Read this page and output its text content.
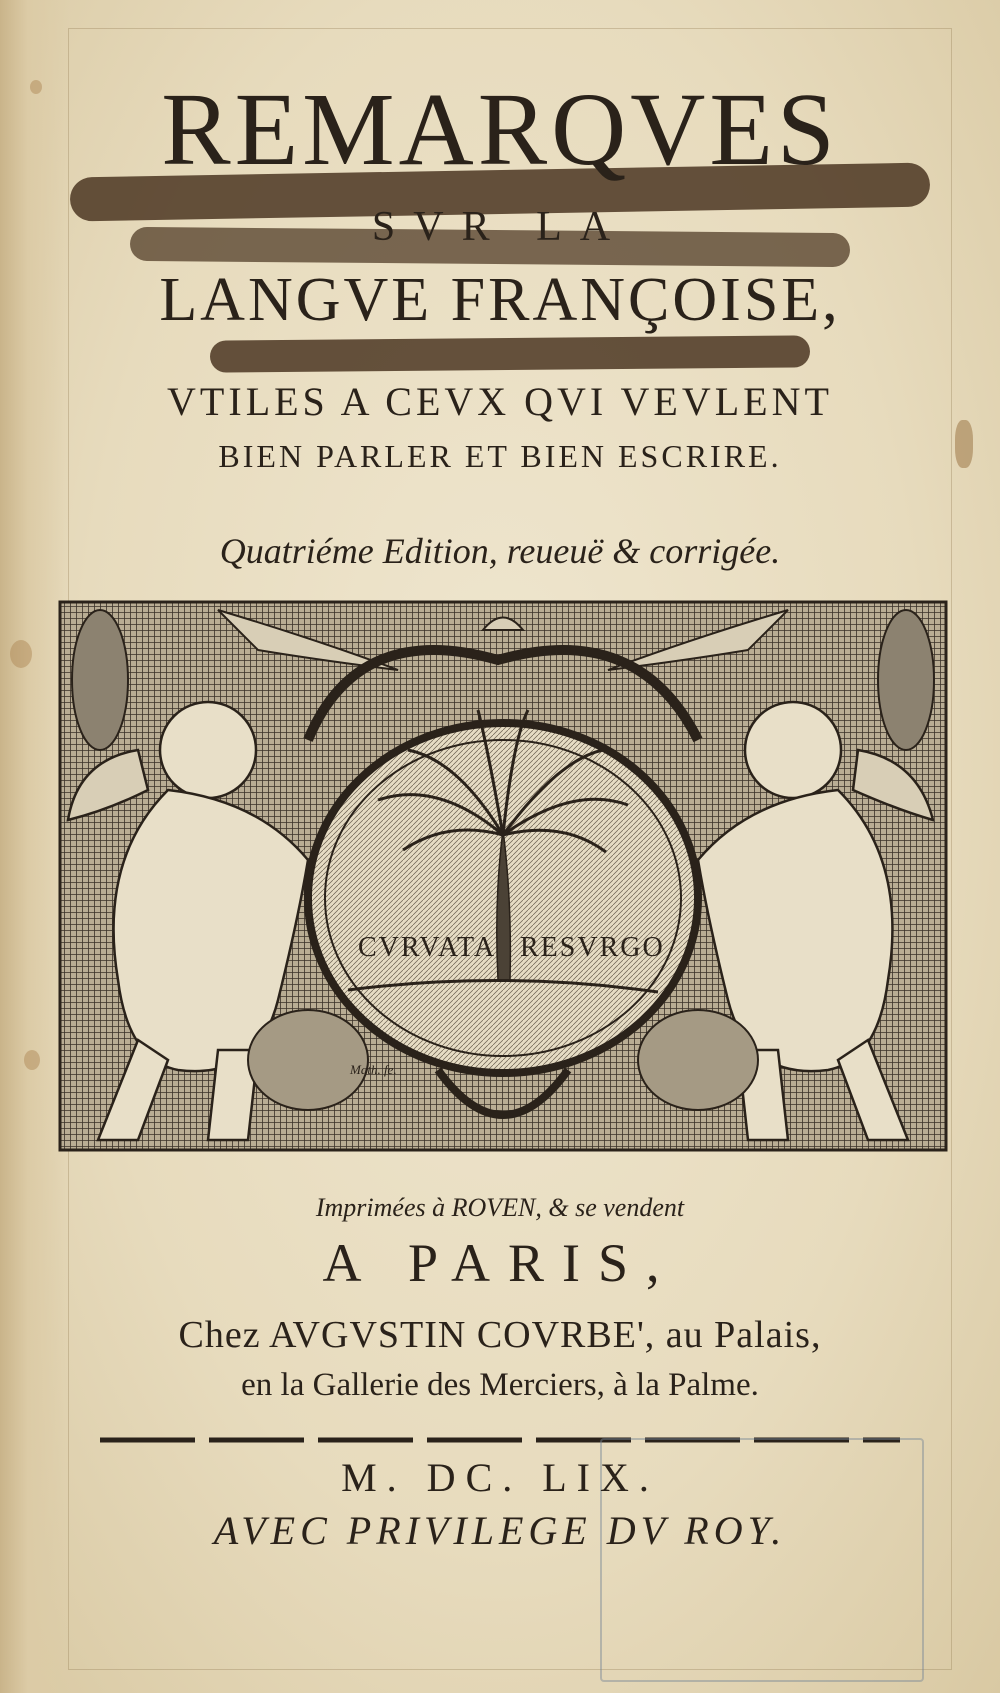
REMARQVES
SVR LA
LANGVE FRANÇOISE,
VTILES A CEVX QVI VEVLENT
BIEN PARLER ET BIEN ESCRIRE.
Quatriéme Edition, reueuë & corrigée.
CVRVATA RESVRGO
Math. fe.
Imprimées à ROVEN, & se vendent
A PARIS,
Chez AVGVSTIN COVRBE', au Palais,
en la Gallerie des Merciers, à la Palme.
M. DC. LIX.
AVEC PRIVILEGE DV ROY.
